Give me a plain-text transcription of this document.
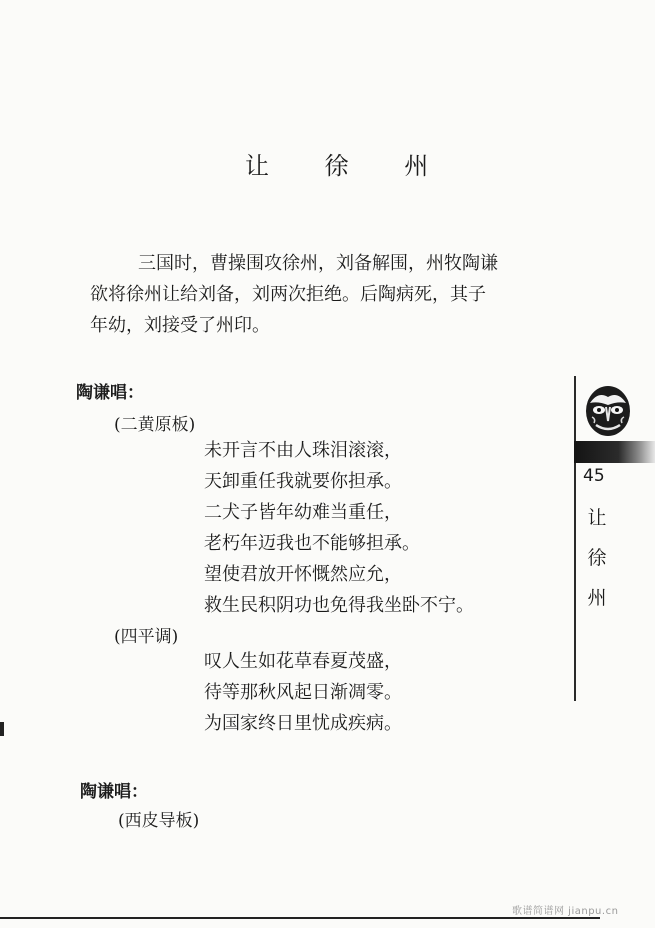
让 徐 州

三国时，曹操围攻徐州，刘备解围，州牧陶谦

欲将徐州让给刘备，刘两次拒绝。后陶病死，其子

年幼，刘接受了州印。

陶谦唱：
(二黄原板)

未开言不由人珠泪滚滚，

天卸重任我就要你担承。

二犬子皆年幼难当重任，

老朽年迈我也不能够担承。

望使君放开怀慨然应允，

救生民积阴功也免得我坐卧不宁。

(四平调)

叹人生如花草春夏茂盛，

待等那秋风起日渐凋零。

为国家终日里忧成疾病。

陶谦唱：
(西皮导板)
45
让
徐
州
歌谱简谱网 jianpu.cn
